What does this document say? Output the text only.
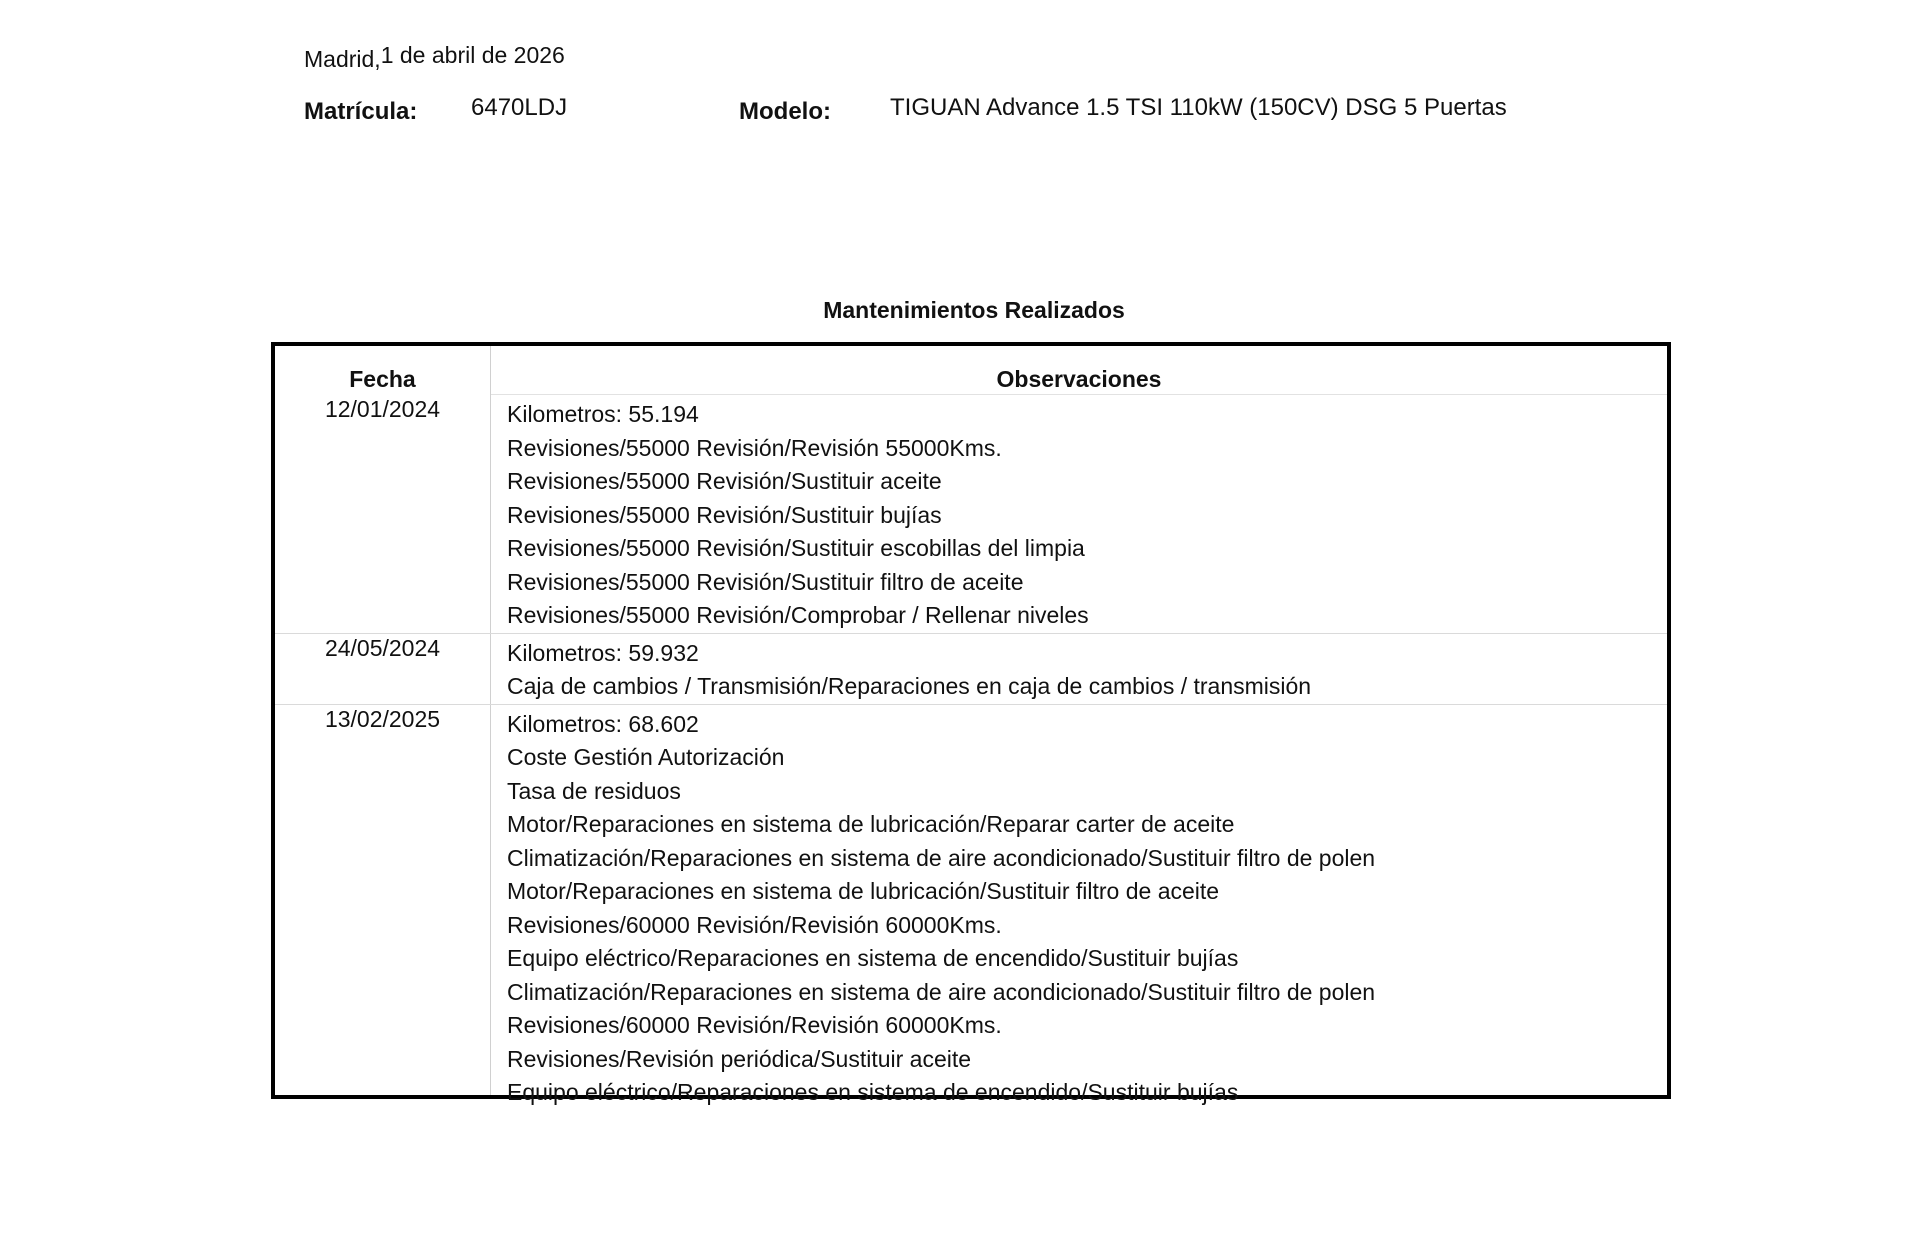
Madrid,1 de abril de 2026
Matrícula: 6470LDJ	Modelo: TIGUAN Advance 1.5 TSI 110kW (150CV) DSG 5 Puertas
Mantenimientos Realizados
Fecha	Observaciones
12/01/2024	Kilometros: 55.194
Revisiones/55000 Revisión/Revisión 55000Kms.
Revisiones/55000 Revisión/Sustituir aceite
Revisiones/55000 Revisión/Sustituir bujías
Revisiones/55000 Revisión/Sustituir escobillas del limpia
Revisiones/55000 Revisión/Sustituir filtro de aceite
Revisiones/55000 Revisión/Comprobar / Rellenar niveles
24/05/2024	Kilometros: 59.932
Caja de cambios / Transmisión/Reparaciones en caja de cambios / transmisión
13/02/2025	Kilometros: 68.602
Coste Gestión Autorización
Tasa de residuos
Motor/Reparaciones en sistema de lubricación/Reparar carter de aceite
Climatización/Reparaciones en sistema de aire acondicionado/Sustituir filtro de polen
Motor/Reparaciones en sistema de lubricación/Sustituir filtro de aceite
Revisiones/60000 Revisión/Revisión 60000Kms.
Equipo eléctrico/Reparaciones en sistema de encendido/Sustituir bujías
Climatización/Reparaciones en sistema de aire acondicionado/Sustituir filtro de polen
Revisiones/60000 Revisión/Revisión 60000Kms.
Revisiones/Revisión periódica/Sustituir aceite
Equipo eléctrico/Reparaciones en sistema de encendido/Sustituir bujías
